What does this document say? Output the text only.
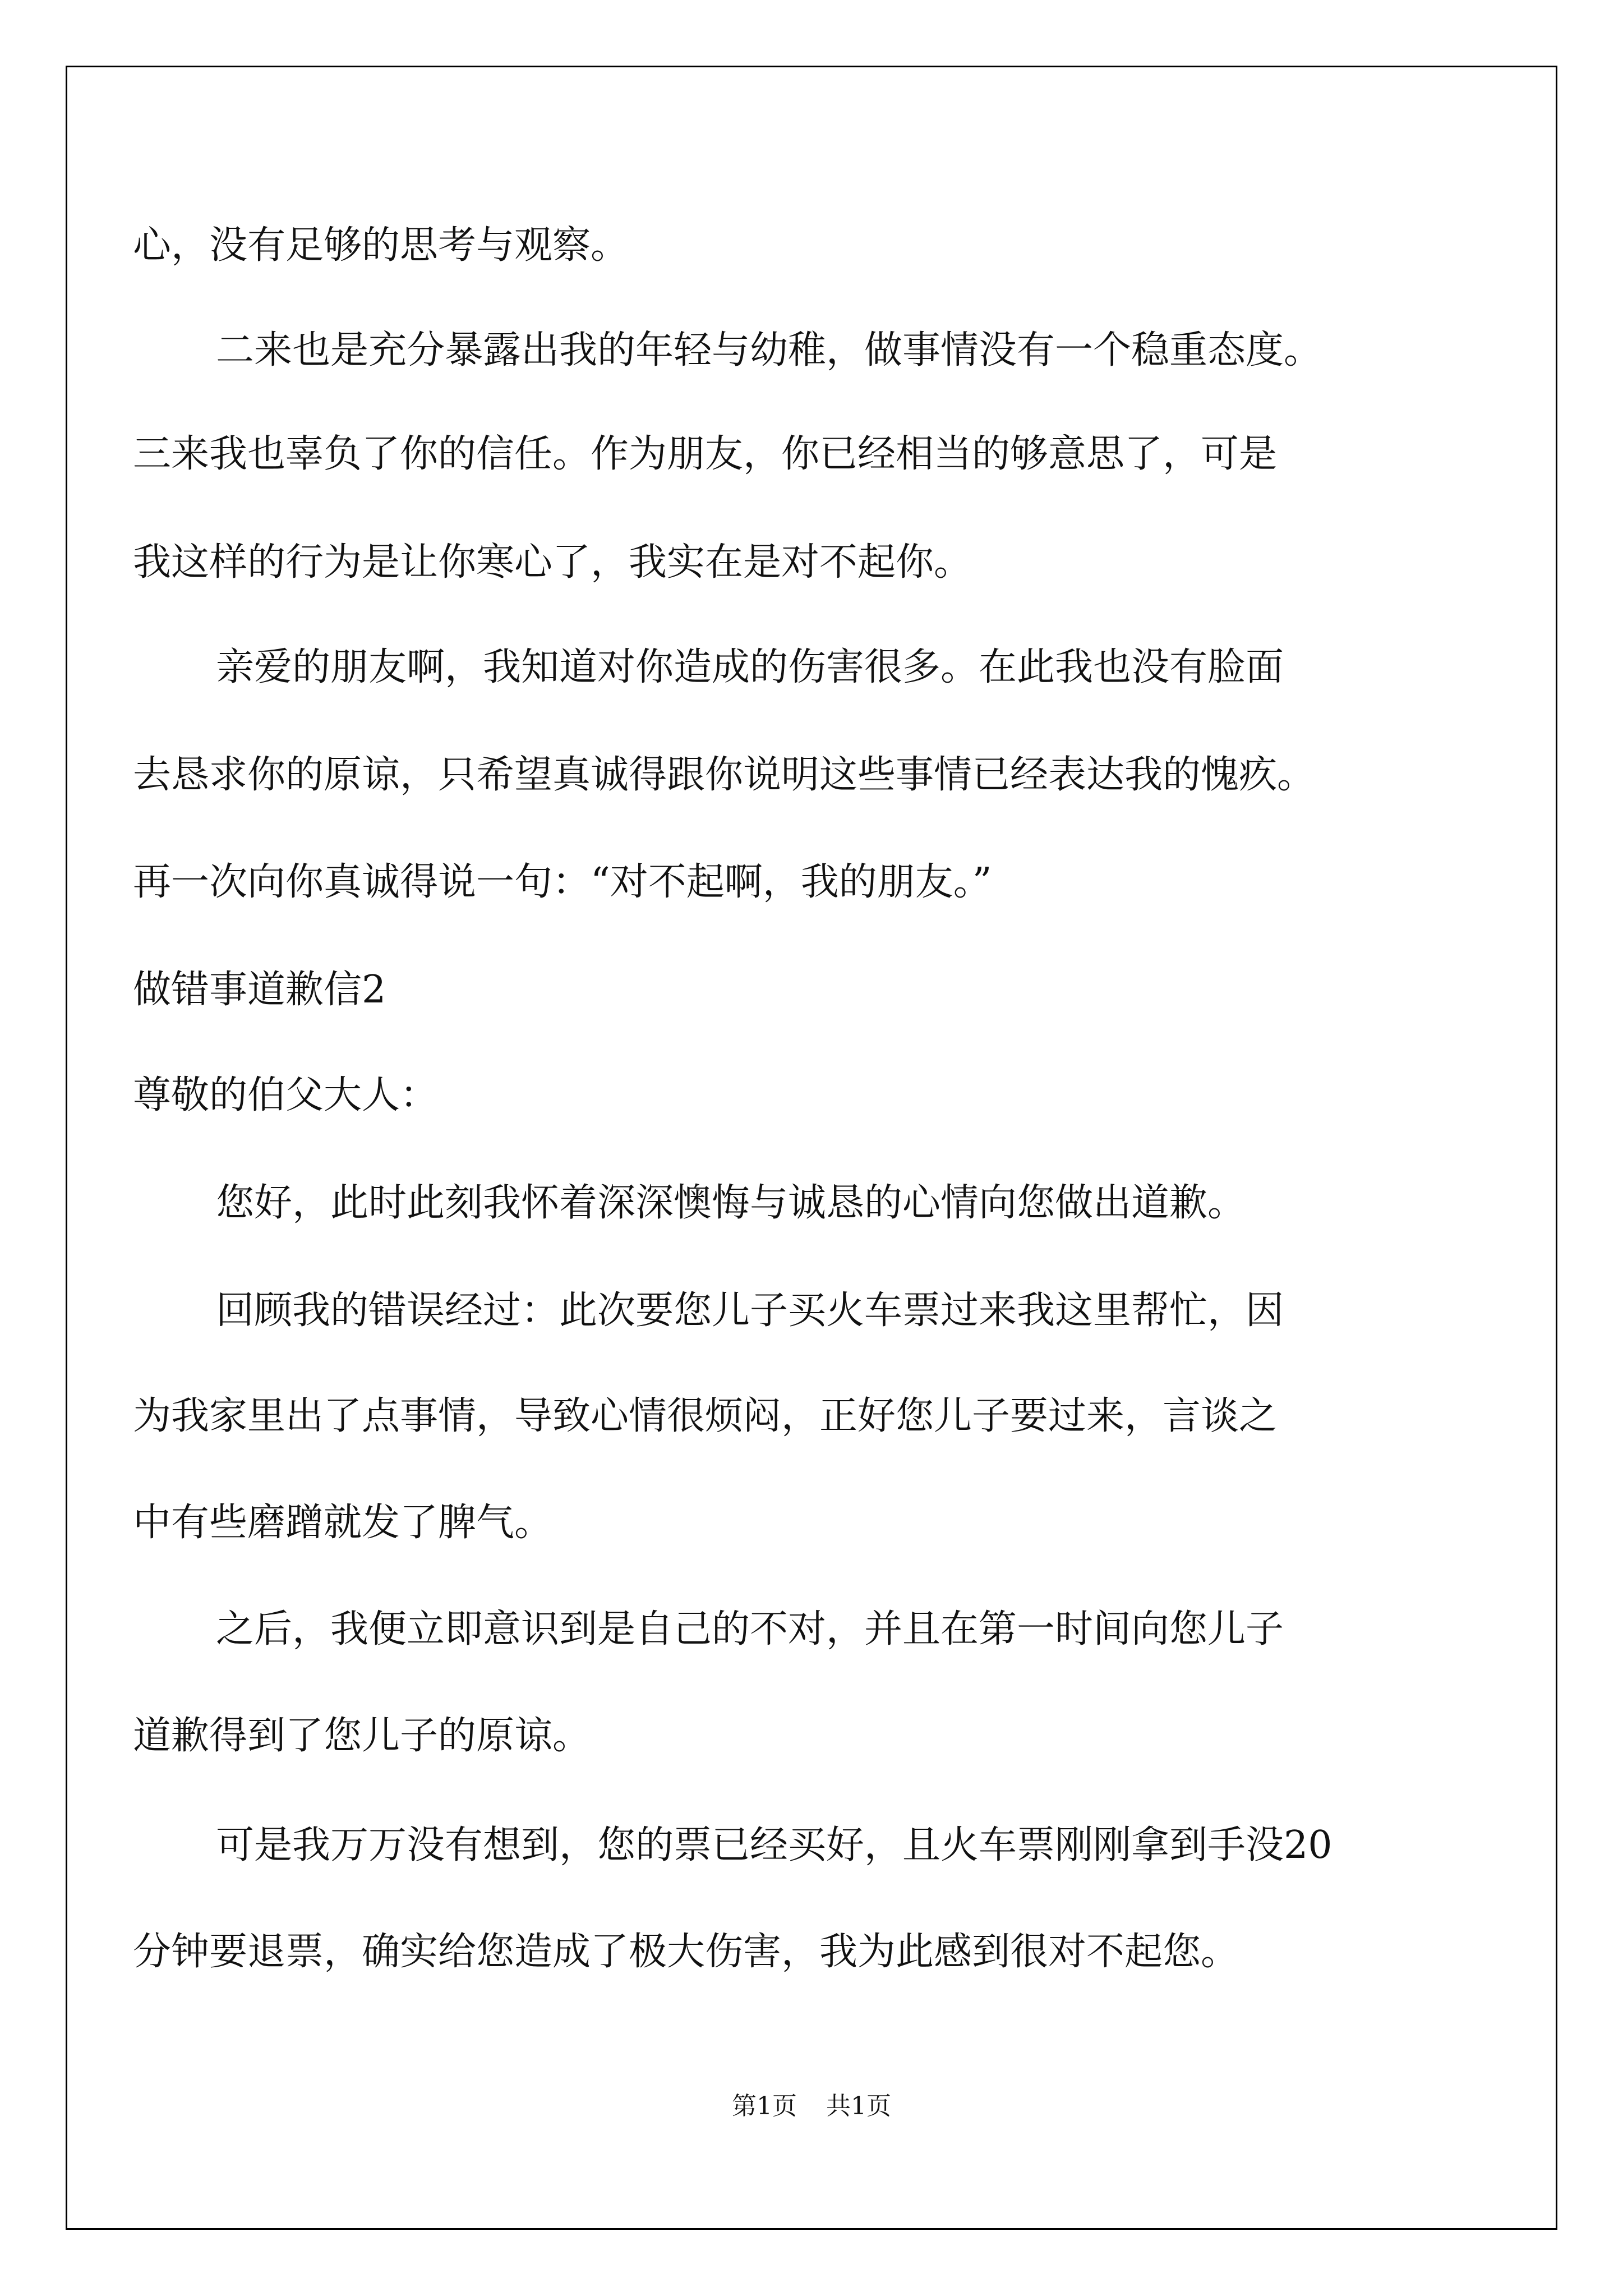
心，没有足够的思考与观察。
二来也是充分暴露出我的年轻与幼稚，做事情没有一个稳重态度。
三来我也辜负了你的信任。作为朋友，你已经相当的够意思了，可是
我这样的行为是让你寒心了，我实在是对不起你。
亲爱的朋友啊，我知道对你造成的伤害很多。在此我也没有脸面
去恳求你的原谅，只希望真诚得跟你说明这些事情已经表达我的愧疚。
再一次向你真诚得说一句：“对不起啊，我的朋友。”
做错事道歉信2
尊敬的伯父大人：
您好，此时此刻我怀着深深懊悔与诚恳的心情向您做出道歉。
回顾我的错误经过：此次要您儿子买火车票过来我这里帮忙，因
为我家里出了点事情，导致心情很烦闷，正好您儿子要过来，言谈之
中有些磨蹭就发了脾气。
之后，我便立即意识到是自己的不对，并且在第一时间向您儿子
道歉得到了您儿子的原谅。
可是我万万没有想到，您的票已经买好，且火车票刚刚拿到手没20
分钟要退票，确实给您造成了极大伤害，我为此感到很对不起您。
第1页 共1页
